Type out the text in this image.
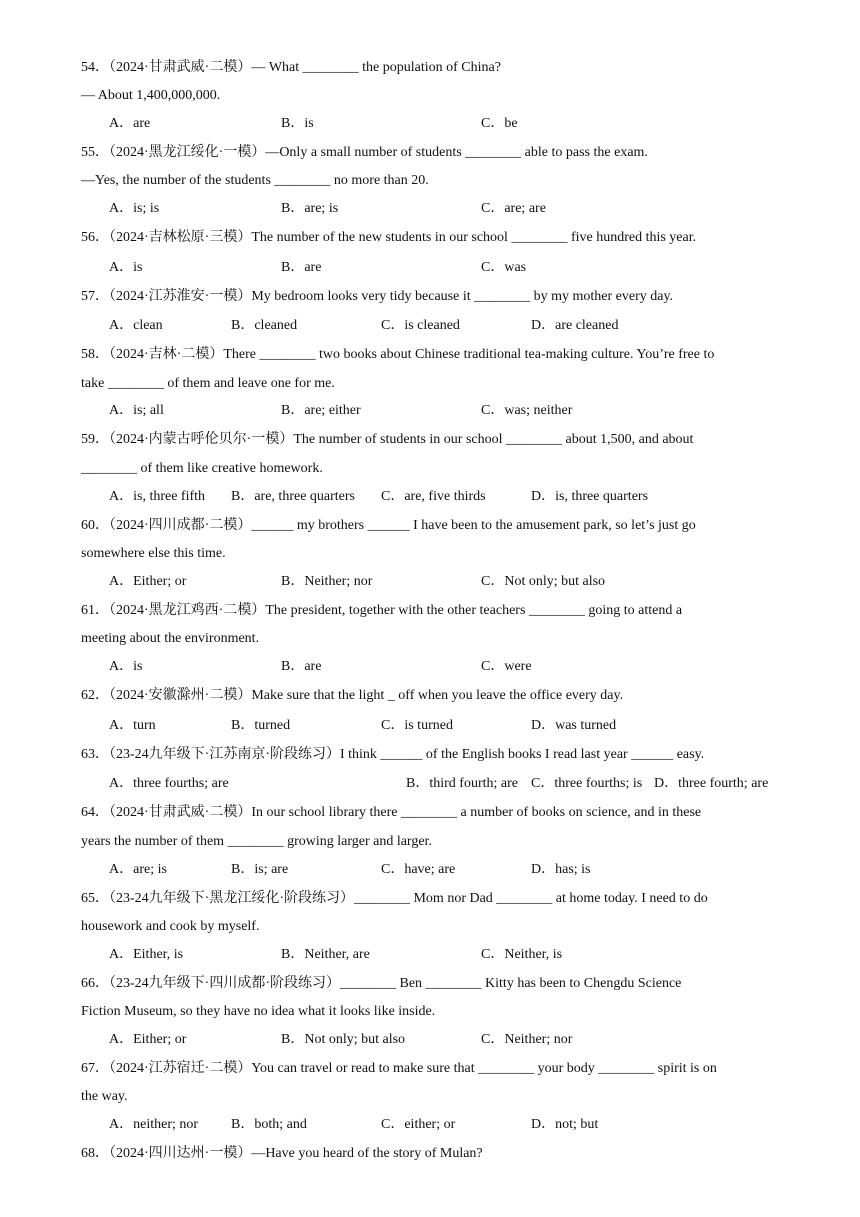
54．（2024·甘肃武威·二模）— What ________ the population of China?
— About 1,400,000,000.
A．are	B．is	C．be
55．（2024·黑龙江绥化·一模）—Only a small number of students ________ able to pass the exam.
—Yes, the number of the students ________ no more than 20.
A．is; is	B．are; is	C．are; are
56．（2024·吉林松原·三模）The number of the new students in our school ________ five hundred this year.
A．is	B．are	C．was
57．（2024·江苏淮安·一模）My bedroom looks very tidy because it ________ by my mother every day.
A．clean	B．cleaned	C．is cleaned	D．are cleaned
58．（2024·吉林·二模）There ________ two books about Chinese traditional tea-making culture. You’re free to
take ________ of them and leave one for me.
A．is; all	B．are; either	C．was; neither
59．（2024·内蒙古呼伦贝尔·一模）The number of students in our school ________ about 1,500, and about
________ of them like creative homework.
A．is, three fifth B．are, three quarters C．are, five thirds	D．is, three quarters
60．（2024·四川成都·二模）______ my brothers ______ I have been to the amusement park, so let’s just go
somewhere else this time.
A．Either; or	B．Neither; nor	C．Not only; but also
61．（2024·黑龙江鸡西·二模）The president, together with the other teachers ________ going to attend a
meeting about the environment.
A．is	B．are	C．were
62．（2024·安徽滁州·二模）Make sure that the light _ off when you leave the office every day.
A．turn	B．turned	C．is turned	D．was turned
63．（23-24九年级下·江苏南京·阶段练习）I think ______ of the English books I read last year ______ easy.
A．three fourths; are	B．third fourth; are C．three fourths; is D．three fourth; are
64．（2024·甘肃武威·二模）In our school library there ________ a number of books on science, and in these
years the number of them ________ growing larger and larger.
A．are; is	B．is; are	C．have; are	D．has; is
65．（23-24九年级下·黑龙江绥化·阶段练习）________ Mom nor Dad ________ at home today. I need to do
housework and cook by myself.
A．Either, is	B．Neither, are	C．Neither, is
66．（23-24九年级下·四川成都·阶段练习）________ Ben ________ Kitty has been to Chengdu Science
Fiction Museum, so they have no idea what it looks like inside.
A．Either; or	B．Not only; but also	C．Neither; nor
67．（2024·江苏宿迁·二模）You can travel or read to make sure that ________ your body ________ spirit is on
the way.
A．neither; nor B．both; and	C．either; or	D．not; but
68．（2024·四川达州·一模）—Have you heard of the story of Mulan?
